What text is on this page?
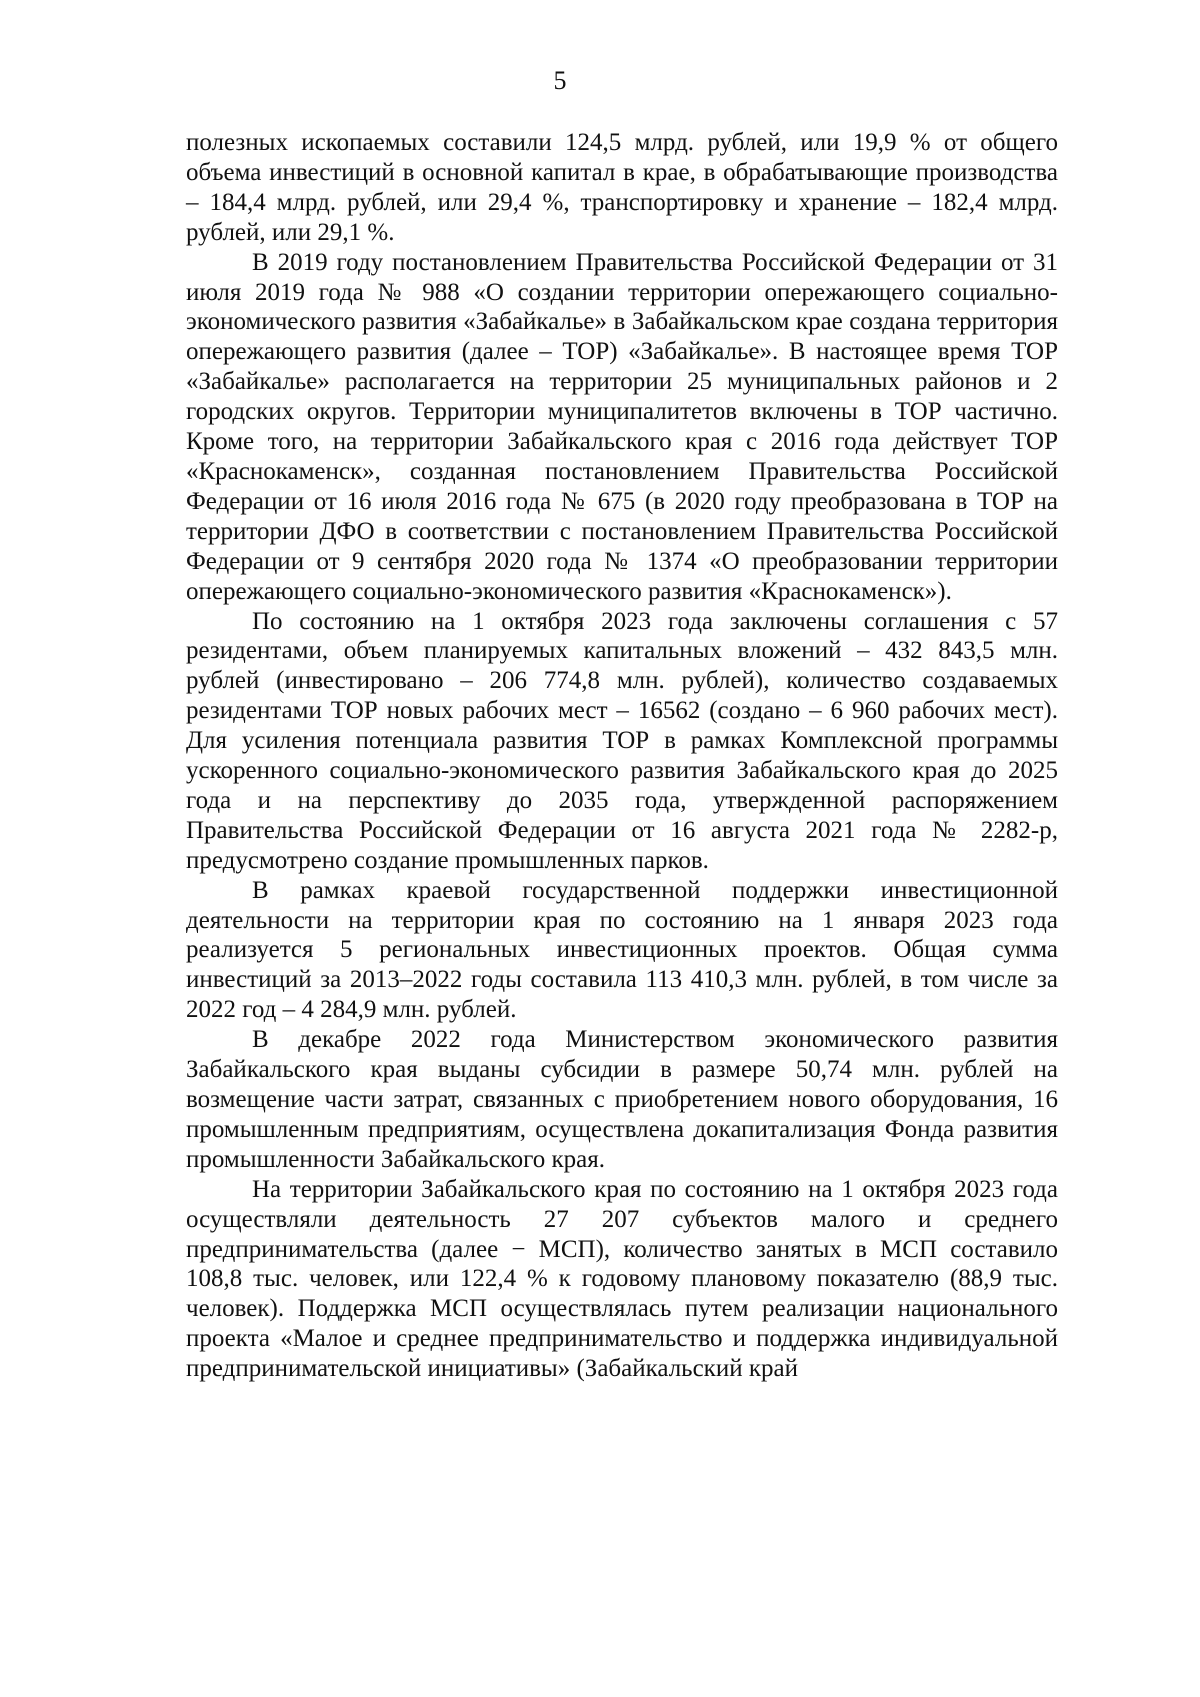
5

полезных ископаемых составили 124,5 млрд. рублей, или 19,9 % от общего объема инвестиций в основной капитал в крае, в обрабатывающие производства – 184,4 млрд. рублей, или 29,4 %, транспортировку и хранение – 182,4 млрд. рублей, или 29,1 %.

В 2019 году постановлением Правительства Российской Федерации от 31 июля 2019 года № 988 «О создании территории опережающего социально-экономического развития «Забайкалье» в Забайкальском крае создана территория опережающего развития (далее – ТОР) «Забайкалье». В настоящее время ТОР «Забайкалье» располагается на территории 25 муниципальных районов и 2 городских округов. Территории муниципалитетов включены в ТОР частично. Кроме того, на территории Забайкальского края с 2016 года действует ТОР «Краснокаменск», созданная постановлением Правительства Российской Федерации от 16 июля 2016 года № 675 (в 2020 году преобразована в ТОР на территории ДФО в соответствии с постановлением Правительства Российской Федерации от 9 сентября 2020 года № 1374 «О преобразовании территории опережающего социально-экономического развития «Краснокаменск»).

По состоянию на 1 октября 2023 года заключены соглашения с 57 резидентами, объем планируемых капитальных вложений – 432 843,5 млн. рублей (инвестировано – 206 774,8 млн. рублей), количество создаваемых резидентами ТОР новых рабочих мест – 16562 (создано – 6 960 рабочих мест). Для усиления потенциала развития ТОР в рамках Комплексной программы ускоренного социально-экономического развития Забайкальского края до 2025 года и на перспективу до 2035 года, утвержденной распоряжением Правительства Российской Федерации от 16 августа 2021 года № 2282-р, предусмотрено создание промышленных парков.

В рамках краевой государственной поддержки инвестиционной деятельности на территории края по состоянию на 1 января 2023 года реализуется 5 региональных инвестиционных проектов. Общая сумма инвестиций за 2013–2022 годы составила 113 410,3 млн. рублей, в том числе за 2022 год – 4 284,9 млн. рублей.

В декабре 2022 года Министерством экономического развития Забайкальского края выданы субсидии в размере 50,74 млн. рублей на возмещение части затрат, связанных с приобретением нового оборудования, 16 промышленным предприятиям, осуществлена докапитализация Фонда развития промышленности Забайкальского края.

На территории Забайкальского края по состоянию на 1 октября 2023 года осуществляли деятельность 27 207 субъектов малого и среднего предпринимательства (далее − МСП), количество занятых в МСП составило 108,8 тыс. человек, или 122,4 % к годовому плановому показателю (88,9 тыс. человек). Поддержка МСП осуществлялась путем реализации национального проекта «Малое и среднее предпринимательство и поддержка индивидуальной предпринимательской инициативы» (Забайкальский край
